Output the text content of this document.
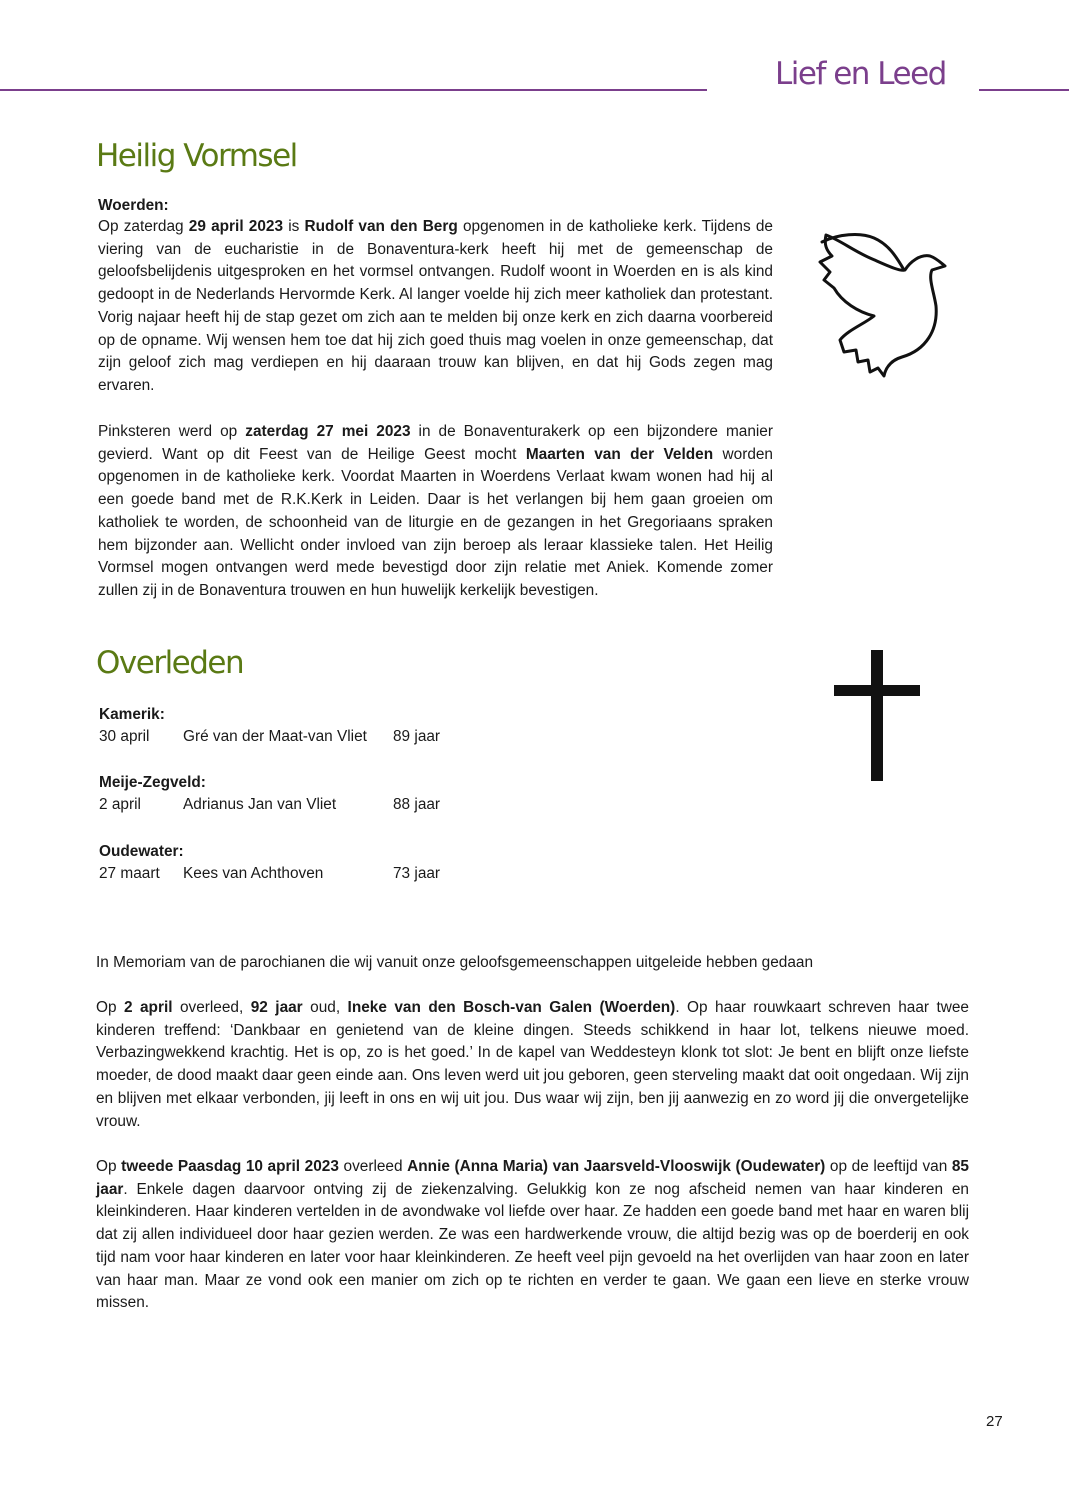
Lief en Leed
Heilig Vormsel

Woerden:

Op zaterdag 29 april 2023 is Rudolf van den Berg opgenomen in de katholieke kerk. Tijdens de viering van de eucharistie in de Bonaventura-kerk heeft hij met de gemeenschap de geloofsbelijdenis uitgesproken en het vormsel ontvangen. Rudolf woont in Woerden en is als kind gedoopt in de Nederlands Hervormde Kerk. Al langer voelde hij zich meer katholiek dan protestant. Vorig najaar heeft hij de stap gezet om zich aan te melden bij onze kerk en zich daarna voorbereid op de opname. Wij wensen hem toe dat hij zich goed thuis mag voelen in onze gemeenschap, dat zijn geloof zich mag verdiepen en hij daaraan trouw kan blijven, en dat hij Gods zegen mag ervaren.

Pinksteren werd op zaterdag 27 mei 2023 in de Bonaventurakerk op een bijzondere manier gevierd. Want op dit Feest van de Heilige Geest mocht Maarten van der Velden worden opgenomen in de katholieke kerk. Voordat Maarten in Woerdens Verlaat kwam wonen had hij al een goede band met de R.K.Kerk in Leiden. Daar is het verlangen bij hem gaan groeien om katholiek te worden, de schoonheid van de liturgie en de gezangen in het Gregoriaans spraken hem bijzonder aan. Wellicht onder invloed van zijn beroep als leraar klassieke talen. Het Heilig Vormsel mogen ontvangen werd mede bevestigd door zijn relatie met Aniek. Komende zomer zullen zij in de Bonaventura trouwen en hun huwelijk kerkelijk bevestigen.

Overleden

Kamerik:

30 april Gré van der Maat-van Vliet 89 jaar

Meije-Zegveld:

2 april	Adrianus Jan van Vliet	88 jaar

Oudewater:

27 maart Kees van Achthoven	73 jaar

In Memoriam van de parochianen die wij vanuit onze geloofsgemeenschappen uitgeleide hebben gedaan

Op 2 april overleed, 92 jaar oud, Ineke van den Bosch-van Galen (Woerden). Op haar rouwkaart schreven haar twee kinderen treffend: ‘Dankbaar en genietend van de kleine dingen. Steeds schikkend in haar lot, telkens nieuwe moed. Verbazingwekkend krachtig. Het is op, zo is het goed.’ In de kapel van Weddesteyn klonk tot slot: Je bent en blijft onze liefste moeder, de dood maakt daar geen einde aan. Ons leven werd uit jou geboren, geen sterveling maakt dat ooit ongedaan. Wij zijn en blijven met elkaar verbonden, jij leeft in ons en wij uit jou. Dus waar wij zijn, ben jij aanwezig en zo word jij die onvergetelijke vrouw.

Op tweede Paasdag 10 april 2023 overleed Annie (Anna Maria) van Jaarsveld-Vlooswijk (Oudewater) op de leeftijd van 85 jaar. Enkele dagen daarvoor ontving zij de ziekenzalving. Gelukkig kon ze nog afscheid nemen van haar kinderen en kleinkinderen. Haar kinderen vertelden in de avondwake vol liefde over haar. Ze hadden een goede band met haar en waren blij dat zij allen individueel door haar gezien werden. Ze was een hardwerkende vrouw, die altijd bezig was op de boerderij en ook tijd nam voor haar kinderen en later voor haar kleinkinderen. Ze heeft veel pijn gevoeld na het overlijden van haar zoon en later van haar man. Maar ze vond ook een manier om zich op te richten en verder te gaan. We gaan een lieve en sterke vrouw missen.

27
